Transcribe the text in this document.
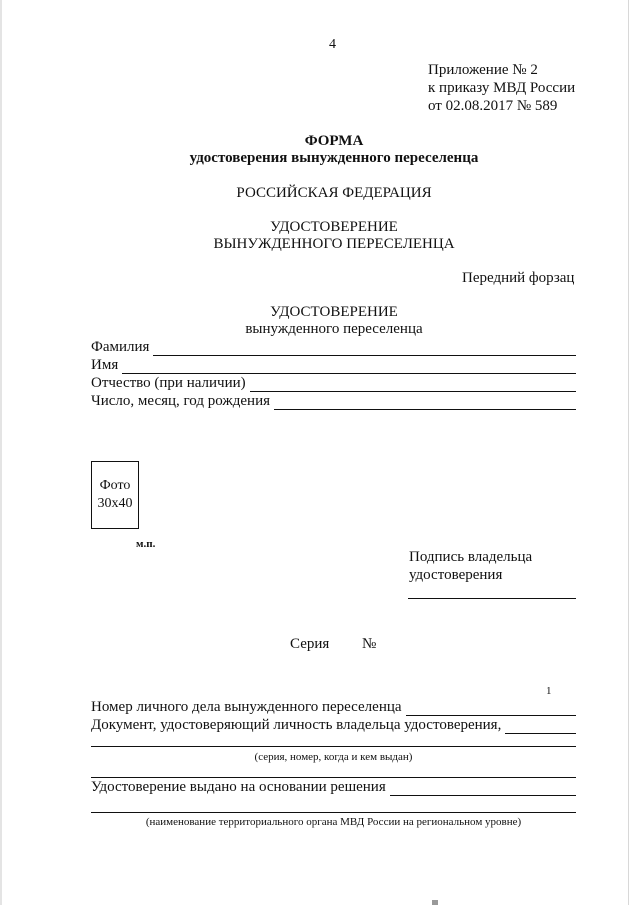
4
Приложение № 2
к приказу МВД России
от 02.08.2017 № 589
ФОРМА
удостоверения вынужденного переселенца
РОССИЙСКАЯ ФЕДЕРАЦИЯ
УДОСТОВЕРЕНИЕ
ВЫНУЖДЕННОГО ПЕРЕСЕЛЕНЦА
Передний форзац
УДОСТОВЕРЕНИЕ
вынужденного переселенца
Фамилия
Имя
Отчество (при наличии)
Число, месяц, год рождения
Фото
30x40
м.п.
Подпись владельца
удостоверения
Серия №
1
Номер личного дела вынужденного переселенца
Документ, удостоверяющий личность владельца удостоверения,
(серия, номер, когда и кем выдан)
Удостоверение выдано на основании решения
(наименование территориального органа МВД России на региональном уровне)
